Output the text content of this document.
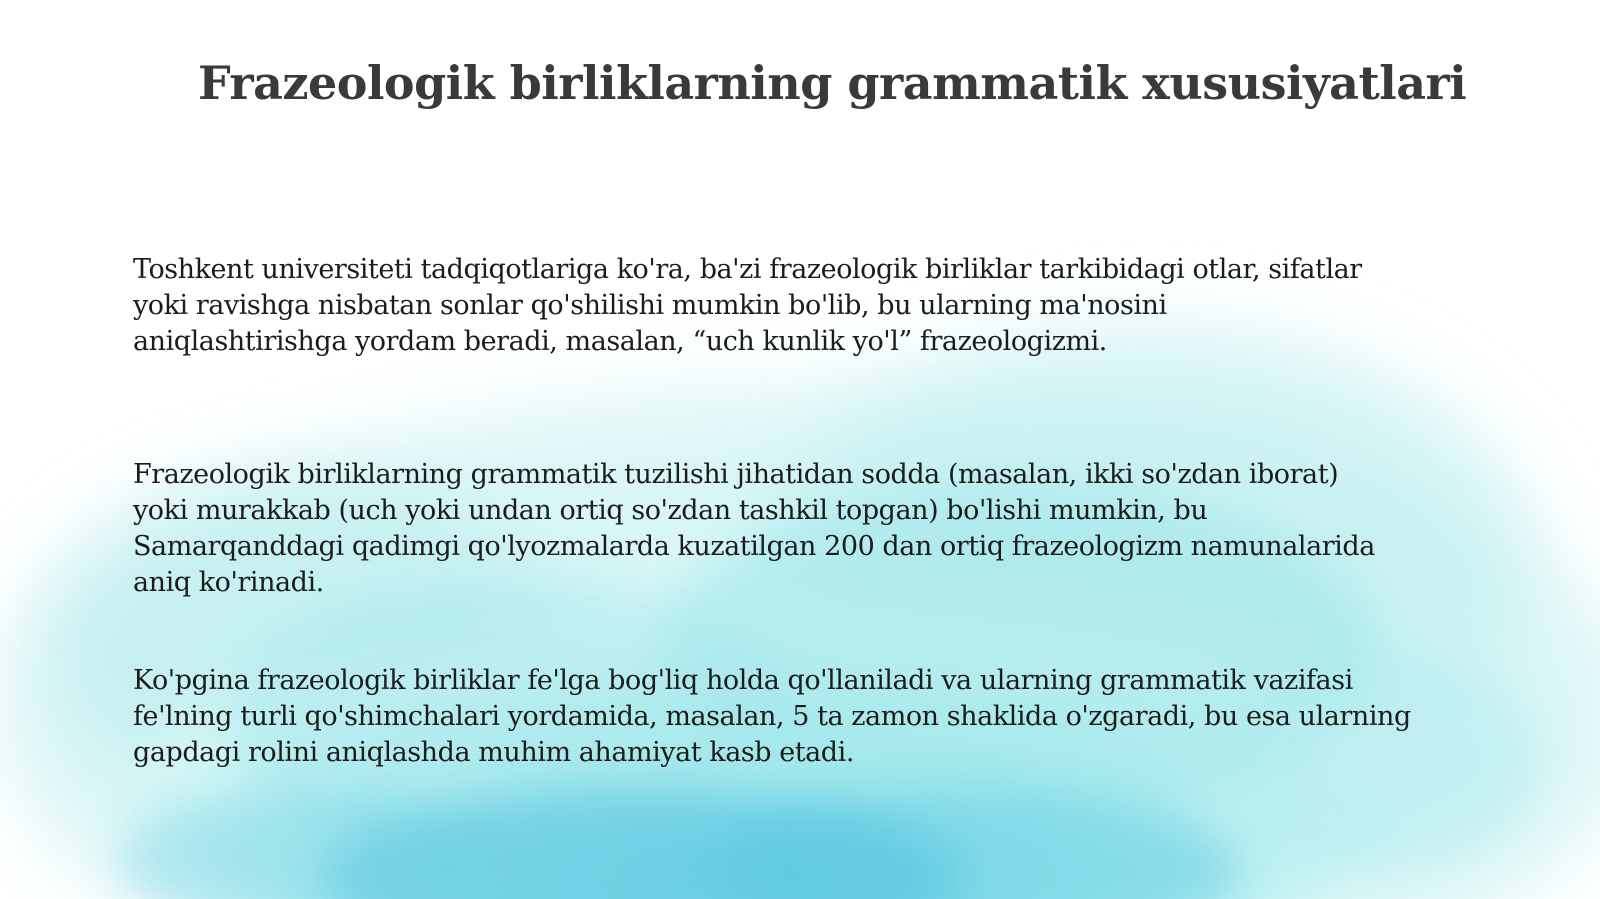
Frazeologik birliklarning grammatik xususiyatlari
Toshkent universiteti tadqiqotlariga ko'ra, ba'zi frazeologik birliklar tarkibidagi otlar, sifatlar
yoki ravishga nisbatan sonlar qo'shilishi mumkin bo'lib, bu ularning ma'nosini
aniqlashtirishga yordam beradi, masalan, “uch kunlik yo'l” frazeologizmi.
Frazeologik birliklarning grammatik tuzilishi jihatidan sodda (masalan, ikki so'zdan iborat)
yoki murakkab (uch yoki undan ortiq so'zdan tashkil topgan) bo'lishi mumkin, bu
Samarqanddagi qadimgi qo'lyozmalarda kuzatilgan 200 dan ortiq frazeologizm namunalarida
aniq ko'rinadi.
Ko'pgina frazeologik birliklar fe'lga bog'liq holda qo'llaniladi va ularning grammatik vazifasi
fe'lning turli qo'shimchalari yordamida, masalan, 5 ta zamon shaklida o'zgaradi, bu esa ularning
gapdagi rolini aniqlashda muhim ahamiyat kasb etadi.
